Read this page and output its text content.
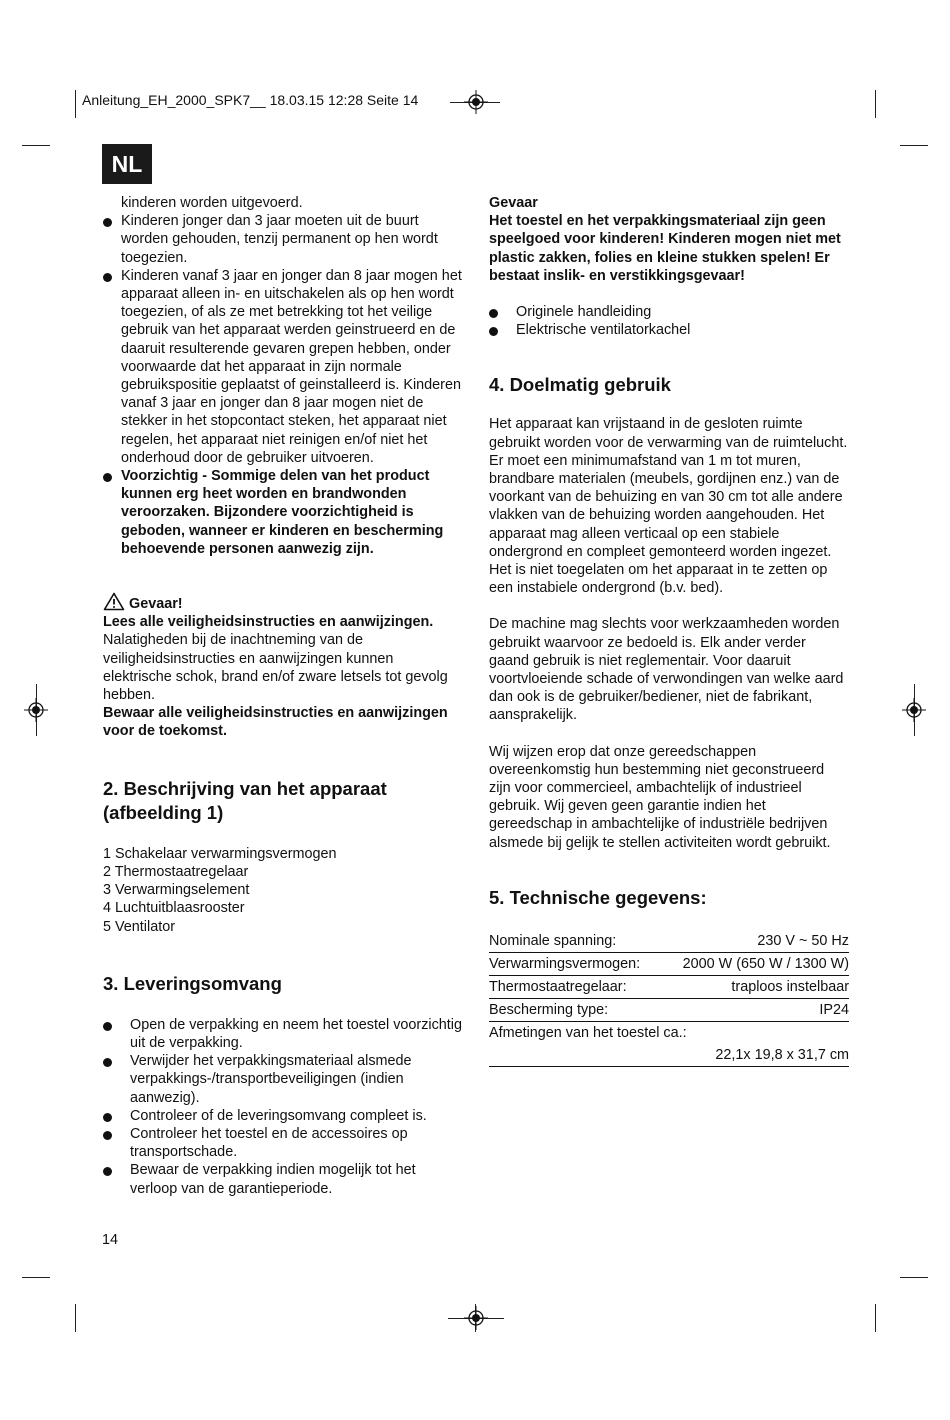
Anleitung_EH_2000_SPK7__ 18.03.15 12:28 Seite 14
NL

kinderen worden uitgevoerd.

Kinderen jonger dan 3 jaar moeten uit de buurt worden gehouden, tenzij permanent op hen wordt toegezien.

Kinderen vanaf 3 jaar en jonger dan 8 jaar mogen het apparaat alleen in- en uitschakelen als op hen wordt toegezien, of als ze met betrekking tot het veilige gebruik van het apparaat werden geinstrueerd en de daaruit resulterende gevaren grepen hebben, onder voorwaarde dat het apparaat in zijn normale gebruikspositie geplaatst of geinstalleerd is. Kinderen vanaf 3 jaar en jonger dan 8 jaar mogen niet de stekker in het stopcontact steken, het apparaat niet regelen, het apparaat niet reinigen en/of niet het onderhoud door de gebruiker uitvoeren.

Voorzichtig - Sommige delen van het product kunnen erg heet worden en brandwonden veroorzaken. Bijzondere voorzichtigheid is geboden, wanneer er kinderen en bescherming behoevende personen aanwezig zijn.

Gevaar!

Lees alle veiligheidsinstructies en aanwijzingen.

Nalatigheden bij de inachtneming van de veiligheidsinstructies en aanwijzingen kunnen elektrische schok, brand en/of zware letsels tot gevolg hebben.

Bewaar alle veiligheidsinstructies en aanwijzingen voor de toekomst.

2. Beschrijving van het apparaat
(afbeelding 1)

1 Schakelaar verwarmingsvermogen

2 Thermostaatregelaar

3 Verwarmingselement

4 Luchtuitblaasrooster

5 Ventilator

3. Leveringsomvang

Open de verpakking en neem het toestel voorzichtig uit de verpakking.

Verwijder het verpakkingsmateriaal alsmede verpakkings-/transportbeveiligingen (indien aanwezig).

Controleer of de leveringsomvang compleet is.

Controleer het toestel en de accessoires op transportschade.

Bewaar de verpakking indien mogelijk tot het verloop van de garantieperiode.

14

Gevaar

Het toestel en het verpakkingsmateriaal zijn geen speelgoed voor kinderen! Kinderen mogen niet met plastic zakken, folies en kleine stukken spelen! Er bestaat inslik- en verstikkingsgevaar!

Originele handleiding

Elektrische ventilatorkachel

4. Doelmatig gebruik

Het apparaat kan vrijstaand in de gesloten ruimte gebruikt worden voor de verwarming van de ruimtelucht. Er moet een minimumafstand van 1 m tot muren, brandbare materialen (meubels, gordijnen enz.) van de voorkant van de behuizing en van 30 cm tot alle andere vlakken van de behuizing worden aangehouden. Het apparaat mag alleen verticaal op een stabiele ondergrond en compleet gemonteerd worden ingezet. Het is niet toegelaten om het apparaat in te zetten op een instabiele ondergrond (b.v. bed).

De machine mag slechts voor werkzaamheden worden gebruikt waarvoor ze bedoeld is. Elk ander verder gaand gebruik is niet reglementair. Voor daaruit voortvloeiende schade of verwondingen van welke aard dan ook is de gebruiker/bediener, niet de fabrikant, aansprakelijk.

Wij wijzen erop dat onze gereedschappen overeenkomstig hun bestemming niet geconstrueerd zijn voor commercieel, ambachtelijk of industrieel gebruik. Wij geven geen garantie indien het gereedschap in ambachtelijke of industriële bedrijven alsmede bij gelijk te stellen activiteiten wordt gebruikt.

5. Technische gegevens:
Nominale spanning:	230 V ~ 50 Hz
Verwarmingsvermogen:	2000 W (650 W / 1300 W)
Thermostaatregelaar:	traploos instelbaar
Bescherming type:	IP24
Afmetingen van het toestel ca.:
22,1x 19,8 x 31,7 cm
